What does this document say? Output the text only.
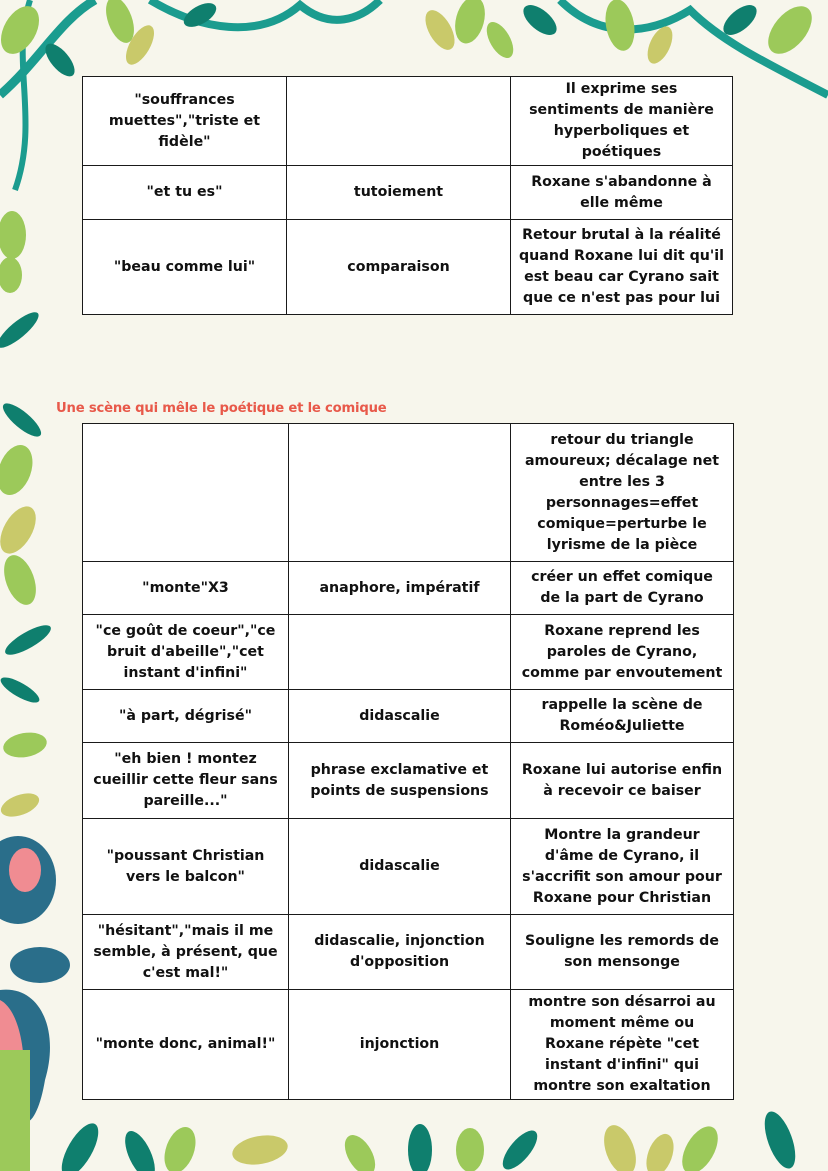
"souffrances muettes","triste et fidèle"		Il exprime ses sentiments de manière hyperboliques et poétiques
"et tu es"	tutoiement	Roxane s'abandonne à elle même
"beau comme lui"	comparaison	Retour brutal à la réalité quand Roxane lui dit qu'il est beau car Cyrano sait que ce n'est pas pour lui
Une scène qui mêle le poétique et le comique
		retour du triangle amoureux; décalage net entre les 3 personnages=effet comique=perturbe le lyrisme de la pièce
"monte"X3	anaphore, impératif	créer un effet comique de la part de Cyrano
"ce goût de coeur","ce bruit d'abeille","cet instant d'infini"		Roxane reprend les paroles de Cyrano, comme par envoutement
"à part, dégrisé"	didascalie	rappelle la scène de Roméo&Juliette
"eh bien ! montez cueillir cette fleur sans pareille..."	phrase exclamative et points de suspensions	Roxane lui autorise enfin à recevoir ce baiser
"poussant Christian vers le balcon"	didascalie	Montre la grandeur d'âme de Cyrano, il s'accrifit son amour pour Roxane pour Christian
"hésitant","mais il me semble, à présent, que c'est mal!"	didascalie, injonction d'opposition	Souligne les remords de son mensonge
"monte donc, animal!"	injonction	montre son désarroi au moment même ou Roxane répète "cet instant d'infini" qui montre son exaltation
